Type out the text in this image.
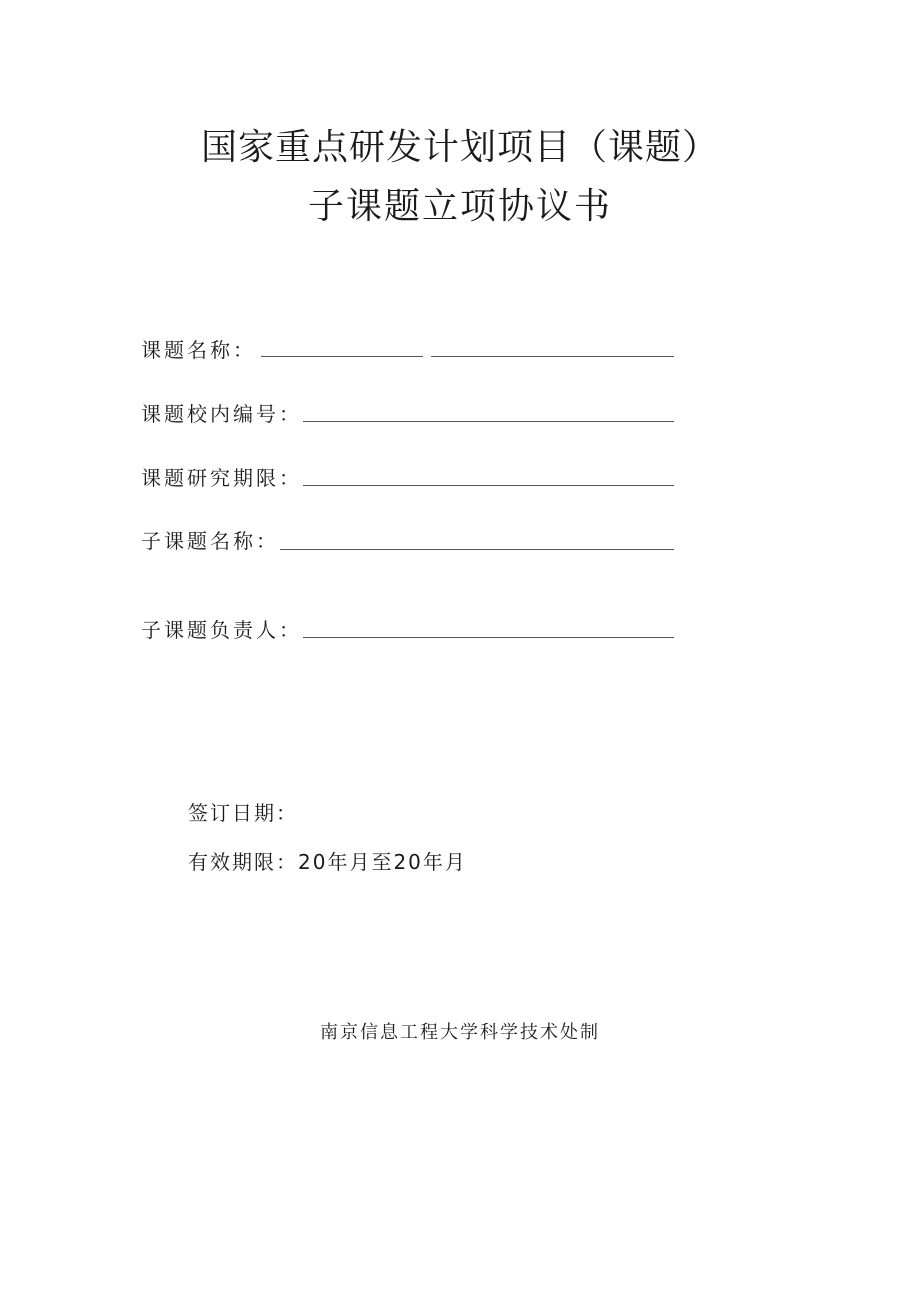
国家重点研发计划项目（课题）
子课题立项协议书
课题名称：
课题校内编号：
课题研究期限：
子课题名称：
子课题负责人：
签订日期：
有效期限：20年月至20年月
南京信息工程大学科学技术处制
